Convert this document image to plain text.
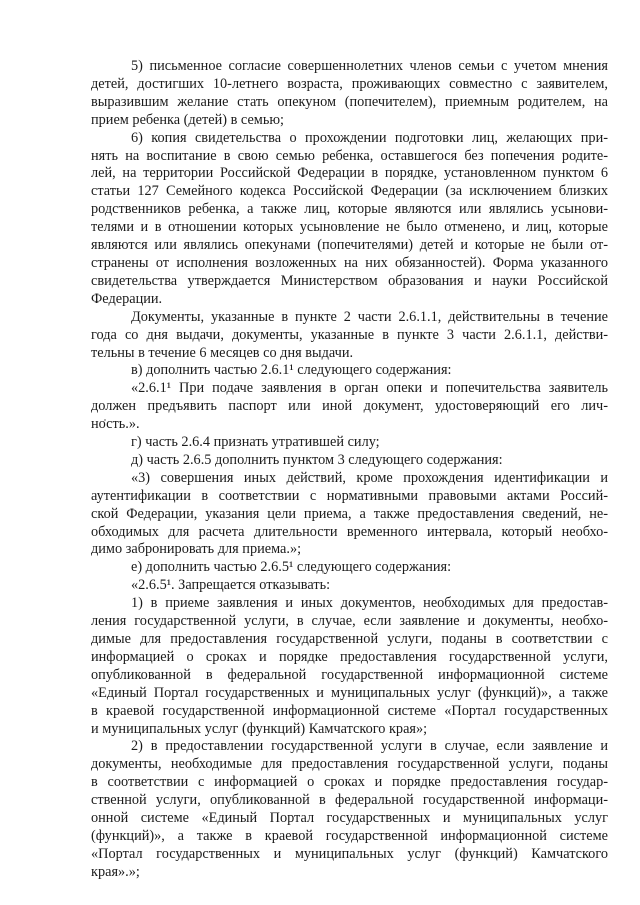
5) письменное согласие совершеннолетних членов семьи с учетом мнения
детей, достигших 10-летнего возраста, проживающих совместно с заявителем,
выразившим желание стать опекуном (попечителем), приемным родителем, на
прием ребенка (детей) в семью;
6) копия свидетельства о прохождении подготовки лиц, желающих при-
нять на воспитание в свою семью ребенка, оставшегося без попечения родите-
лей, на территории Российской Федерации в порядке, установленном пунктом 6
статьи 127 Семейного кодекса Российской Федерации (за исключением близких
родственников ребенка, а также лиц, которые являются или являлись усынови-
телями и в отношении которых усыновление не было отменено, и лиц, которые
являются или являлись опекунами (попечителями) детей и которые не были от-
странены от исполнения возложенных на них обязанностей). Форма указанного
свидетельства утверждается Министерством образования и науки Российской
Федерации.
Документы, указанные в пункте 2 части 2.6.1.1, действительны в течение
года со дня выдачи, документы, указанные в пункте 3 части 2.6.1.1, действи-
тельны в течение 6 месяцев со дня выдачи.
в) дополнить частью 2.6.1¹ следующего содержания:
«2.6.1¹ При подаче заявления в орган опеки и попечительства заявитель
должен предъявить паспорт или иной документ, удостоверяющий его лич-
ность.».
г) часть 2.6.4 признать утратившей силу;
д) часть 2.6.5 дополнить пунктом 3 следующего содержания:
«3) совершения иных действий, кроме прохождения идентификации и
аутентификации в соответствии с нормативными правовыми актами Россий-
ской Федерации, указания цели приема, а также предоставления сведений, не-
обходимых для расчета длительности временного интервала, который необхо-
димо забронировать для приема.»;
е) дополнить частью 2.6.5¹ следующего содержания:
«2.6.5¹. Запрещается отказывать:
1) в приеме заявления и иных документов, необходимых для предостав-
ления государственной услуги, в случае, если заявление и документы, необхо-
димые для предоставления государственной услуги, поданы в соответствии с
информацией о сроках и порядке предоставления государственной услуги,
опубликованной в федеральной государственной информационной системе
«Единый Портал государственных и муниципальных услуг (функций)», а также
в краевой государственной информационной системе «Портал государственных
и муниципальных услуг (функций) Камчатского края»;
2) в предоставлении государственной услуги в случае, если заявление и
документы, необходимые для предоставления государственной услуги, поданы
в соответствии с информацией о сроках и порядке предоставления государ-
ственной услуги, опубликованной в федеральной государственной информаци-
онной системе «Единый Портал государственных и муниципальных услуг
(функций)», а также в краевой государственной информационной системе
«Портал государственных и муниципальных услуг (функций) Камчатского
края».»;
